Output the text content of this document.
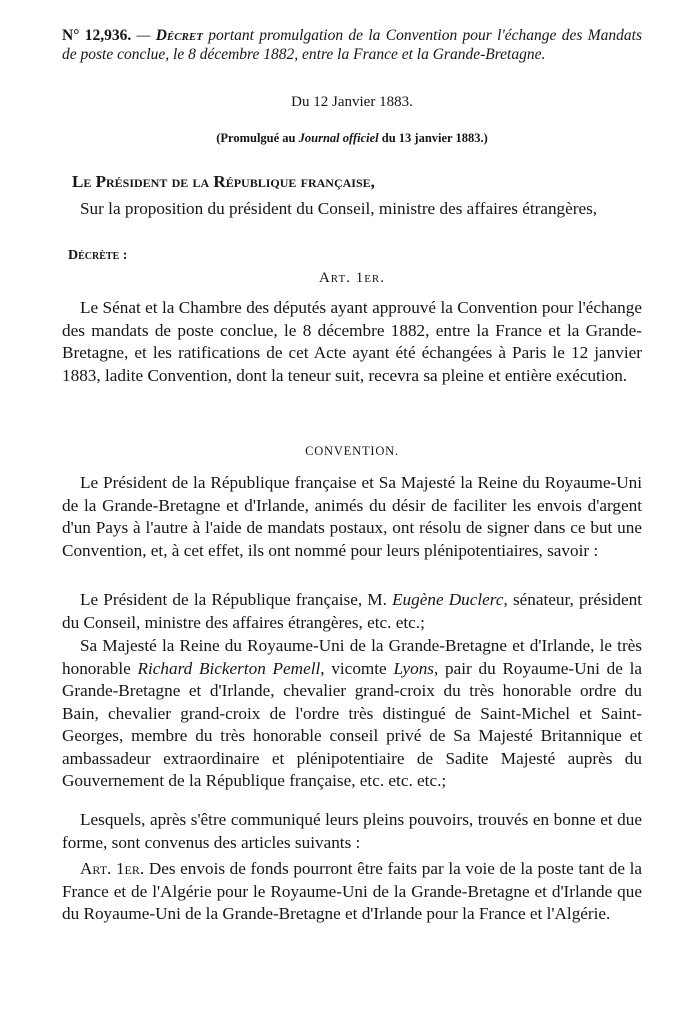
N° 12,936. — Décret portant promulgation de la Convention pour l'échange des Mandats de poste conclue, le 8 décembre 1882, entre la France et la Grande-Bretagne.

Du 12 Janvier 1883.

(Promulgué au Journal officiel du 13 janvier 1883.)

Le Président de la République française,

Sur la proposition du président du Conseil, ministre des affaires étrangères,

Décrète :

Art. 1er.

Le Sénat et la Chambre des députés ayant approuvé la Convention pour l'échange des mandats de poste conclue, le 8 décembre 1882, entre la France et la Grande-Bretagne, et les ratifications de cet Acte ayant été échangées à Paris le 12 janvier 1883, ladite Convention, dont la teneur suit, recevra sa pleine et entière exécution.

CONVENTION.

Le Président de la République française et Sa Majesté la Reine du Royaume-Uni de la Grande-Bretagne et d'Irlande, animés du désir de faciliter les envois d'argent d'un Pays à l'autre à l'aide de mandats postaux, ont résolu de signer dans ce but une Convention, et, à cet effet, ils ont nommé pour leurs plénipotentiaires, savoir :

Le Président de la République française, M. Eugène Duclerc, sénateur, président du Conseil, ministre des affaires étrangères, etc. etc.;

Sa Majesté la Reine du Royaume-Uni de la Grande-Bretagne et d'Irlande, le très honorable Richard Bickerton Pemell, vicomte Lyons, pair du Royaume-Uni de la Grande-Bretagne et d'Irlande, chevalier grand-croix du très honorable ordre du Bain, chevalier grand-croix de l'ordre très distingué de Saint-Michel et Saint-Georges, membre du très honorable conseil privé de Sa Majesté Britannique et ambassadeur extraordinaire et plénipotentiaire de Sadite Majesté auprès du Gouvernement de la République française, etc. etc. etc.;

Lesquels, après s'être communiqué leurs pleins pouvoirs, trouvés en bonne et due forme, sont convenus des articles suivants :

Art. 1er. Des envois de fonds pourront être faits par la voie de la poste tant de la France et de l'Algérie pour le Royaume-Uni de la Grande-Bretagne et d'Irlande que du Royaume-Uni de la Grande-Bretagne et d'Irlande pour la France et l'Algérie.
